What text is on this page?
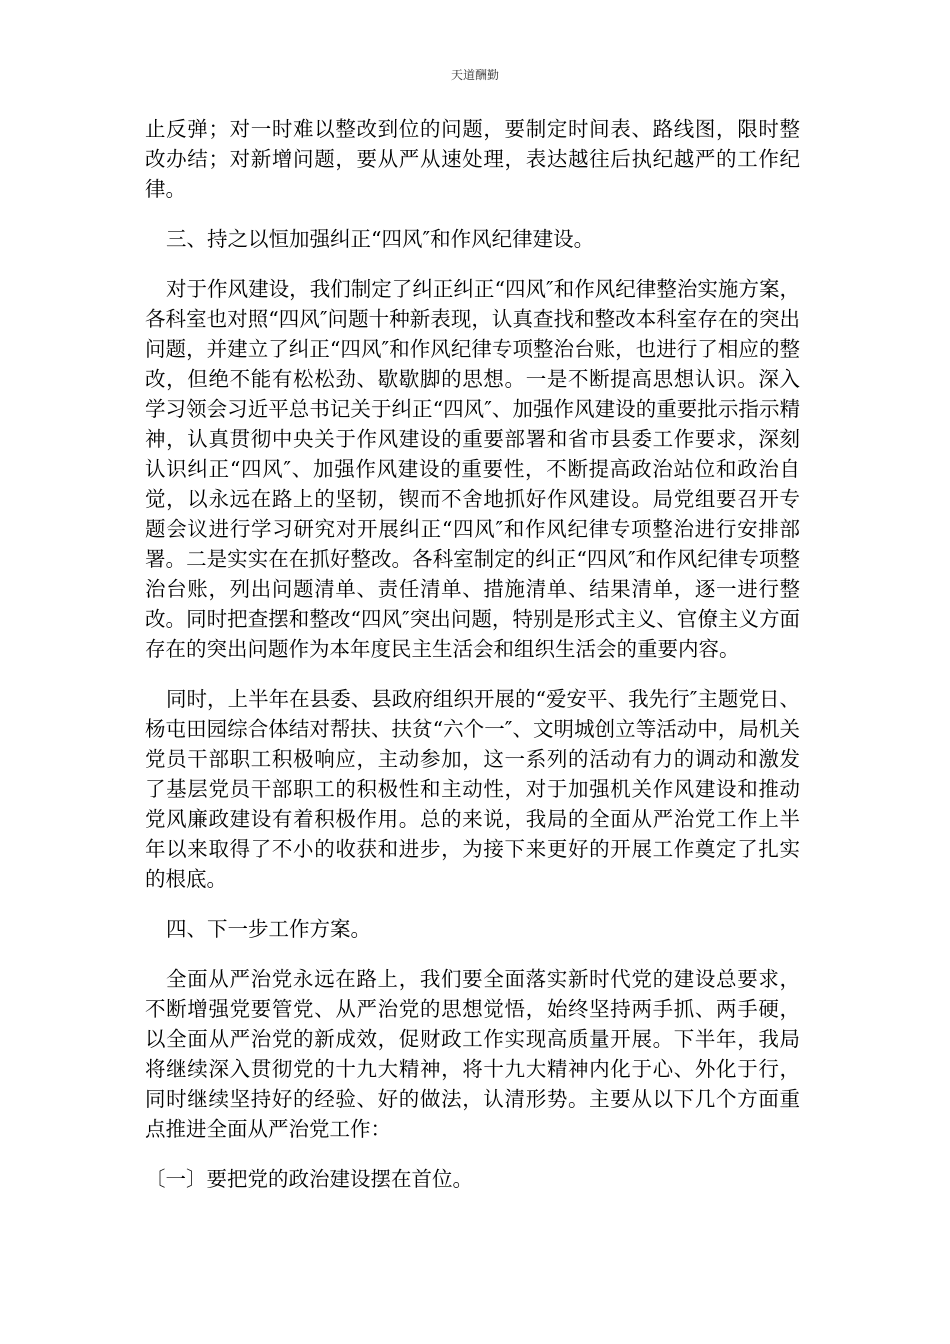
天道酬勤

止反弹；对一时难以整改到位的问题，要制定时间表、路线图，限时整改办结；对新增问题，要从严从速处理，表达越往后执纪越严的工作纪律。

三、持之以恒加强纠正“四风″和作风纪律建设。

对于作风建设，我们制定了纠正纠正“四风″和作风纪律整治实施方案，各科室也对照“四风″问题十种新表现，认真查找和整改本科室存在的突出问题，并建立了纠正“四风″和作风纪律专项整治台账，也进行了相应的整改，但绝不能有松松劲、歇歇脚的思想。一是不断提高思想认识。深入学习领会习近平总书记关于纠正“四风″、加强作风建设的重要批示指示精神，认真贯彻中央关于作风建设的重要部署和省市县委工作要求，深刻认识纠正“四风″、加强作风建设的重要性，不断提高政治站位和政治自觉，以永远在路上的坚韧，锲而不舍地抓好作风建设。局党组要召开专题会议进行学习研究对开展纠正“四风″和作风纪律专项整治进行安排部署。二是实实在在抓好整改。各科室制定的纠正“四风″和作风纪律专项整治台账，列出问题清单、责任清单、措施清单、结果清单，逐一进行整改。同时把查摆和整改“四风″突出问题，特别是形式主义、官僚主义方面存在的突出问题作为本年度民主生活会和组织生活会的重要内容。

同时，上半年在县委、县政府组织开展的“爱安平、我先行″主题党日、杨屯田园综合体结对帮扶、扶贫“六个一″、文明城创立等活动中，局机关党员干部职工积极响应，主动参加，这一系列的活动有力的调动和激发了基层党员干部职工的积极性和主动性，对于加强机关作风建设和推动党风廉政建设有着积极作用。总的来说，我局的全面从严治党工作上半年以来取得了不小的收获和进步，为接下来更好的开展工作奠定了扎实的根底。

四、下一步工作方案。

全面从严治党永远在路上，我们要全面落实新时代党的建设总要求，不断增强党要管党、从严治党的思想觉悟，始终坚持两手抓、两手硬，以全面从严治党的新成效，促财政工作实现高质量开展。下半年，我局将继续深入贯彻党的十九大精神，将十九大精神内化于心、外化于行，同时继续坚持好的经验、好的做法，认清形势。主要从以下几个方面重点推进全面从严治党工作：

〔一〕要把党的政治建设摆在首位。
